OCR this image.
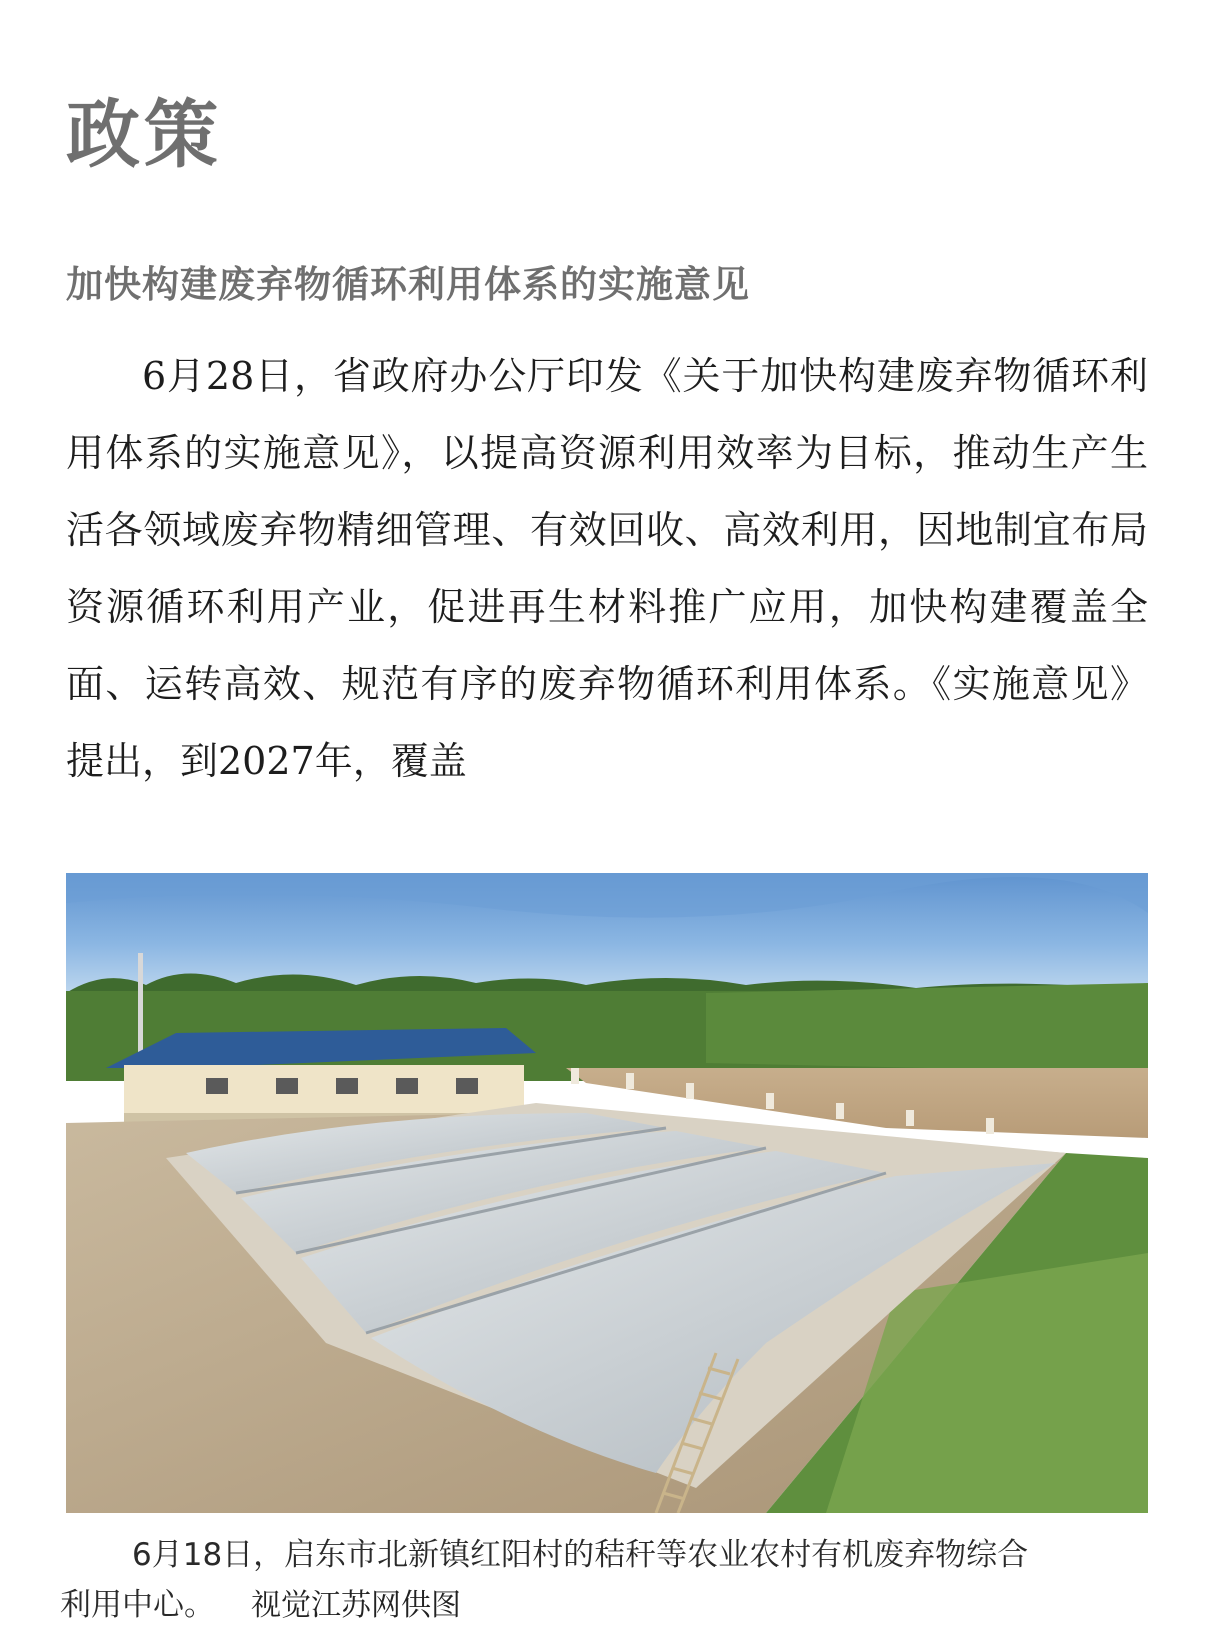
政策
加快构建废弃物循环利用体系的实施意见

6月28日，省政府办公厅印发《关于加快构建废弃物循环利用体系的实施意见》，以提高资源利用效率为目标，推动生产生活各领域废弃物精细管理、有效回收、高效利用，因地制宜布局资源循环利用产业，促进再生材料推广应用，加快构建覆盖全面、运转高效、规范有序的废弃物循环利用体系。《实施意见》提出，到2027年，覆盖

6月18日，启东市北新镇红阳村的秸秆等农业农村有机废弃物综合
利用中心。 视觉江苏网供图
